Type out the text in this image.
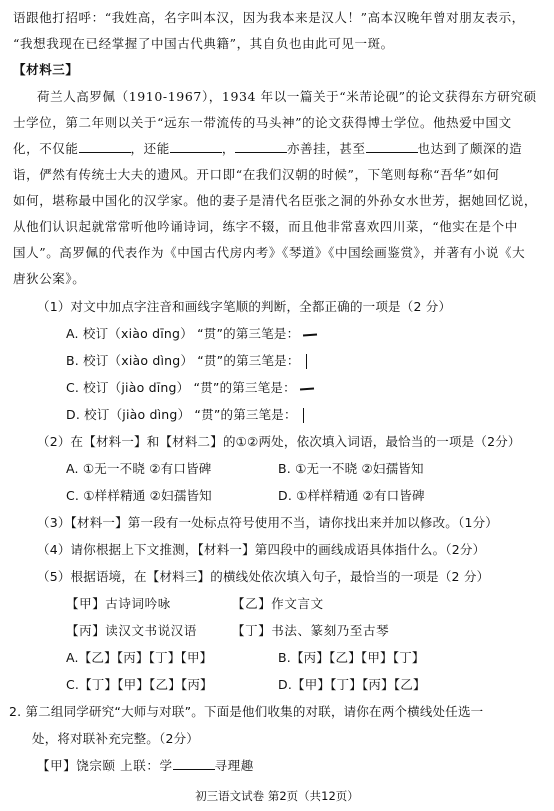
语跟他打招呼：“我姓高，名字叫本汉，因为我本来是汉人！”高本汉晚年曾对朋友表示，
“我想我现在已经掌握了中国古代典籍”，其自负也由此可见一斑。
【材料三】
荷兰人高罗佩（1910-1967），1934 年以一篇关于“米芾论砚”的论文获得东方研究硕
士学位，第二年则以关于“远东一带流传的马头神”的论文获得博士学位。他热爱中国文
化，不仅能	，还能	，	亦善挂，甚至	也达到了颇深的造
诣，俨然有传统士大夫的遗风。开口即“在我们汉朝的时候”，下笔则每称“吾华”如何
如何，堪称最中国化的汉学家。他的妻子是清代名臣张之洞的外孙女水世芳，据她回忆说，
从他们认识起就常常听他吟诵诗词，练字不辍，而且他非常喜欢四川菜，“他实在是个中
国人”。高罗佩的代表作为《中国古代房内考》《琴道》《中国绘画鉴赏》，并著有小说《大
唐狄公案》。
（1）对文中加点字注音和画线字笔顺的判断，全都正确的一项是（2 分）
A. 校订（xiào dīng） “贯”的第三笔是：
B. 校订（xiào dìng） “贯”的第三笔是：
C. 校订（jiào dīng） “贯”的第三笔是：
D. 校订（jiào dìng） “贯”的第三笔是：
（2）在【材料一】和【材料二】的①②两处，依次填入词语，最恰当的一项是（2分）
A. ①无一不晓 ②有口皆碑	B. ①无一不晓 ②妇孺皆知
C. ①样样精通 ②妇孺皆知	D. ①样样精通 ②有口皆碑
（3）【材料一】第一段有一处标点符号使用不当，请你找出来并加以修改。（1分）
（4）请你根据上下文推测，【材料一】第四段中的画线成语具体指什么。（2分）
（5）根据语境，在【材料三】的横线处依次填入句子，最恰当的一项是（2 分）
【甲】古诗词吟咏	【乙】作文言文
【丙】读汉文书说汉语	【丁】书法、篆刻乃至古琴
A.【乙】【丙】【丁】【甲】	B.【丙】【乙】【甲】【丁】
C.【丁】【甲】【乙】【丙】	D.【甲】【丁】【丙】【乙】
2. 第二组同学研究“大师与对联”。下面是他们收集的对联，请你在两个横线处任选一
处，将对联补充完整。（2分）
【甲】饶宗颐 上联：学	寻理趣
初三语文试卷 第2页（共12页）
